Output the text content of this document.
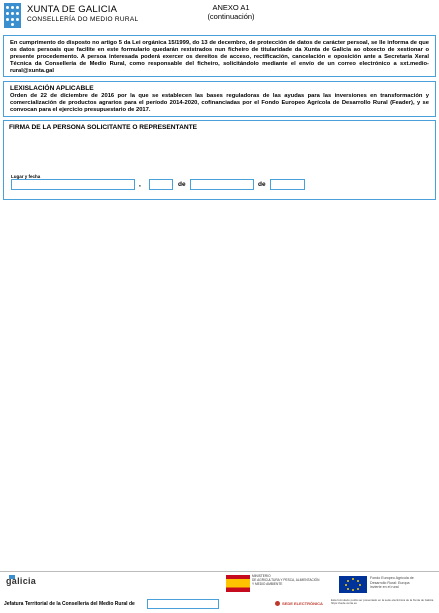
XUNTA DE GALICIA
CONSELLERÍA DO MEDIO RURAL
ANEXO A1
(continuación)
En cumprimento do disposto no artigo 5 da Lei orgánica 15/1999, do 13 de decembro, de protección de datos de carácter persoal, se lle informa de que os datos persoais que facilite en este formulario quedarán rexistrados nun ficheiro de titularidade da Xunta de Galicia ao obxecto de xestionar o presente procedemento. A persoa interesada poderá exercer os dereitos de acceso, rectificación, cancelación e oposición ante a Secretaría Xeral Técnica da Consellería de Medio Rural, como responsable del ficheiro, solicitándolo mediante el envío de un correo electrónico a sxt.medio-rural@xunta.gal
LEXISLACIÓN APLICABLE
Orden de 22 de diciembre de 2016 por la que se establecen las bases reguladoras de las ayudas para las inversiones en transformación y comercialización de productos agrarios para el período 2014-2020, cofinanciadas por el Fondo Europeo Agrícola de Desarrollo Rural (Feader), y se convocan para el ejercicio presupuestario de 2017.
FIRMA DE LA PERSONA SOLICITANTE O REPRESENTANTE
Lugar y fecha
,	de	de
galicia	MINISTERIO
DE AGRICULTURA Y PESCA, ALIMENTACIÓN
Y MEDIO AMBIENTE
Fondo Europeo Agrícola de
Desarrollo Rural: Europa
invierte en el rural
Jefatura Territorial de la Consellería del Medio Rural de	SEDE ELECTRÓNICA
Esta formulario podrá ser presentado en la sede electrónica de la Xunta de Galicia https://sede.xunta.es
